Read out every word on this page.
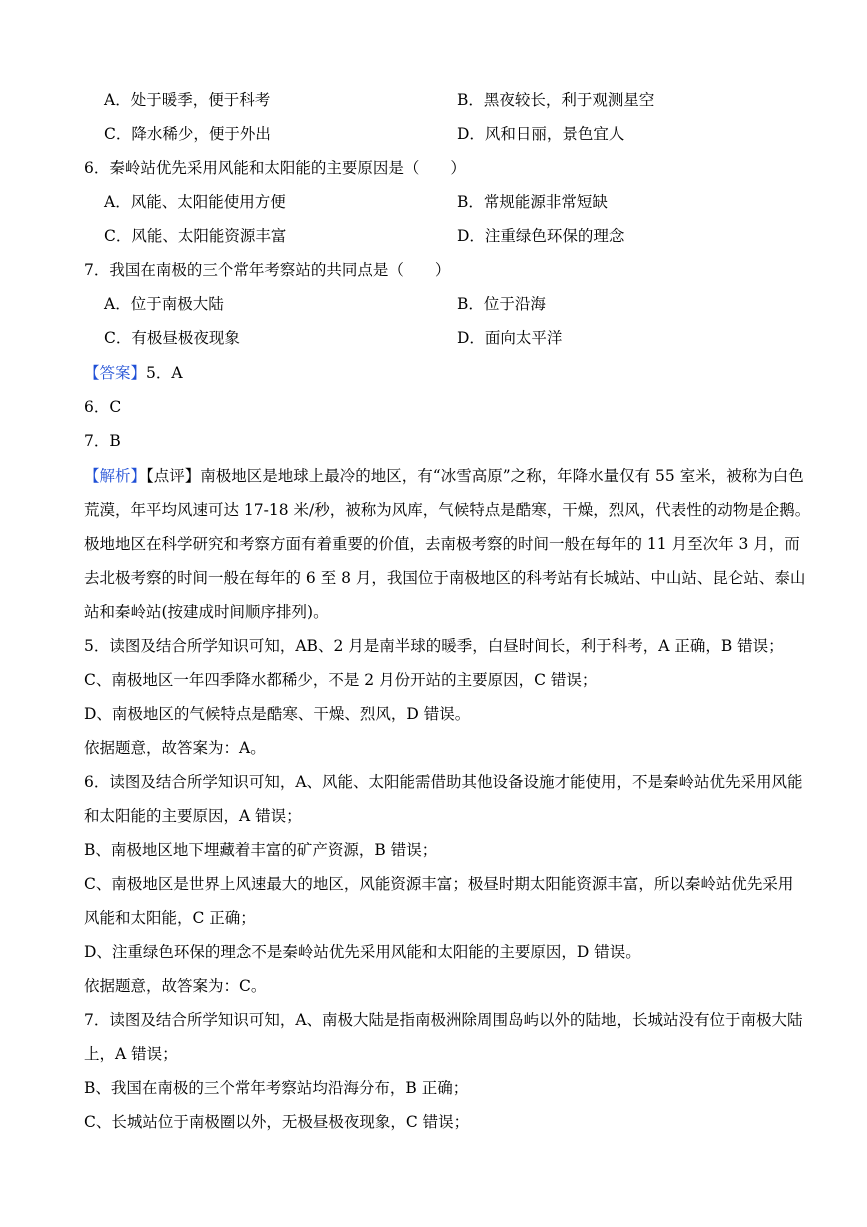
A．处于暖季，便于科考	B．黑夜较长，利于观测星空
C．降水稀少，便于外出	D．风和日丽，景色宜人
6．秦岭站优先采用风能和太阳能的主要原因是（　　）
A．风能、太阳能使用方便	B．常规能源非常短缺
C．风能、太阳能资源丰富	D．注重绿色环保的理念
7．我国在南极的三个常年考察站的共同点是（　　）
A．位于南极大陆	B．位于沿海
C．有极昼极夜现象	D．面向太平洋
【答案】5．A
6．C
7．B
【解析】【点评】南极地区是地球上最冷的地区，有“冰雪高原”之称，年降水量仅有 55 室米，被称为白色
荒漠，年平均风速可达 17-18 米/秒，被称为风库，气候特点是酷寒，干燥，烈风，代表性的动物是企鹅。
极地地区在科学研究和考察方面有着重要的价值，去南极考察的时间一般在每年的 11 月至次年 3 月，而
去北极考察的时间一般在每年的 6 至 8 月，我国位于南极地区的科考站有长城站、中山站、昆仑站、泰山
站和秦岭站(按建成时间顺序排列)。
5．读图及结合所学知识可知，AB、2 月是南半球的暖季，白昼时间长，利于科考，A 正确，B 错误；
C、南极地区一年四季降水都稀少，不是 2 月份开站的主要原因，C 错误；
D、南极地区的气候特点是酷寒、干燥、烈风，D 错误。
依据题意，故答案为：A。
6．读图及结合所学知识可知，A、风能、太阳能需借助其他设备设施才能使用，不是秦岭站优先采用风能
和太阳能的主要原因，A 错误；
B、南极地区地下埋藏着丰富的矿产资源，B 错误；
C、南极地区是世界上风速最大的地区，风能资源丰富；极昼时期太阳能资源丰富，所以秦岭站优先采用
风能和太阳能，C 正确；
D、注重绿色环保的理念不是秦岭站优先采用风能和太阳能的主要原因，D 错误。
依据题意，故答案为：C。
7．读图及结合所学知识可知，A、南极大陆是指南极洲除周围岛屿以外的陆地，长城站没有位于南极大陆
上，A 错误；
B、我国在南极的三个常年考察站均沿海分布，B 正确；
C、长城站位于南极圈以外，无极昼极夜现象，C 错误；
